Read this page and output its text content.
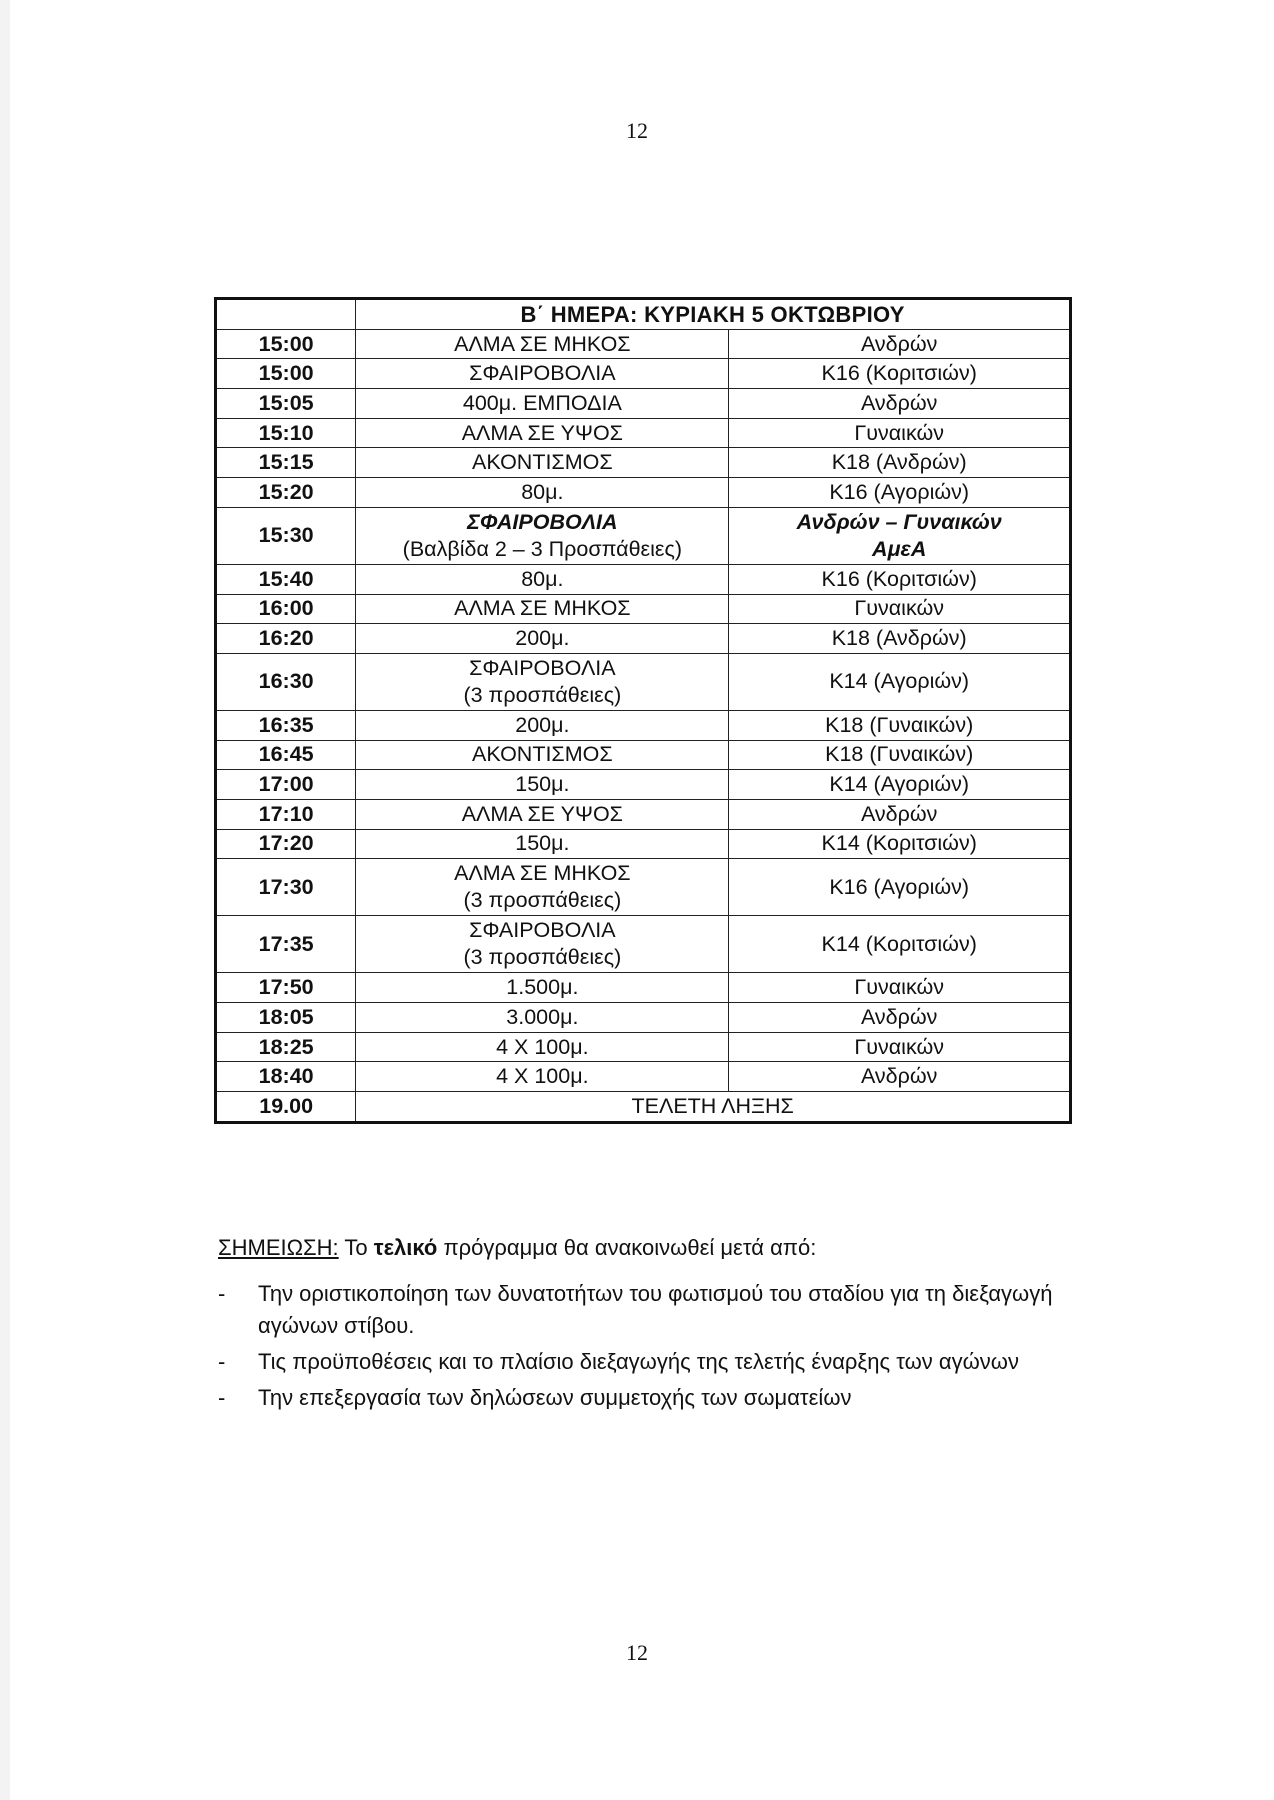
12
	Β΄ ΗΜΕΡΑ: ΚΥΡΙΑΚΗ 5 ΟΚΤΩΒΡΙΟΥ	
15:00	ΑΛΜΑ ΣΕ ΜΗΚΟΣ	Ανδρών

15:00	ΣΦΑΙΡΟΒΟΛΙΑ	Κ16 (Κοριτσιών)

15:05	400μ. ΕΜΠΟΔΙΑ	Ανδρών

15:10	ΑΛΜΑ ΣΕ ΥΨΟΣ	Γυναικών

15:15	ΑΚΟΝΤΙΣΜΟΣ	Κ18 (Ανδρών)

15:20	80μ.	Κ16 (Αγοριών)

15:30	ΣΦΑΙΡΟΒΟΛΙΑ
(Βαλβίδα 2 – 3 Προσπάθειες)	Ανδρών – Γυναικών
ΑμεΑ

15:40	80μ.	Κ16 (Κοριτσιών)

16:00	ΑΛΜΑ ΣΕ ΜΗΚΟΣ	Γυναικών

16:20	200μ.	Κ18 (Ανδρών)

16:30	ΣΦΑΙΡΟΒΟΛΙΑ
(3 προσπάθειες)	Κ14 (Αγοριών)

16:35	200μ.	Κ18 (Γυναικών)

16:45	ΑΚΟΝΤΙΣΜΟΣ	Κ18 (Γυναικών)

17:00	150μ.	Κ14 (Αγοριών)

17:10	ΑΛΜΑ ΣΕ ΥΨΟΣ	Ανδρών

17:20	150μ.	Κ14 (Κοριτσιών)

17:30	ΑΛΜΑ ΣΕ ΜΗΚΟΣ
(3 προσπάθειες)	Κ16 (Αγοριών)

17:35	ΣΦΑΙΡΟΒΟΛΙΑ
(3 προσπάθειες)	Κ14 (Κοριτσιών)

17:50	1.500μ.	Γυναικών

18:05	3.000μ.	Ανδρών

18:25	4 Χ 100μ.	Γυναικών

18:40	4 Χ 100μ.	Ανδρών

19.00	ΤΕΛΕΤΗ ΛΗΞΗΣ	
ΣΗΜΕΙΩΣΗ: Το τελικό πρόγραμμα θα ανακοινωθεί μετά από:
- Την οριστικοποίηση των δυνατοτήτων του φωτισμού του σταδίου για τη διεξαγωγή αγώνων στίβου.
- Τις προϋποθέσεις και το πλαίσιο διεξαγωγής της τελετής έναρξης των αγώνων
- Την επεξεργασία των δηλώσεων συμμετοχής των σωματείων
12
